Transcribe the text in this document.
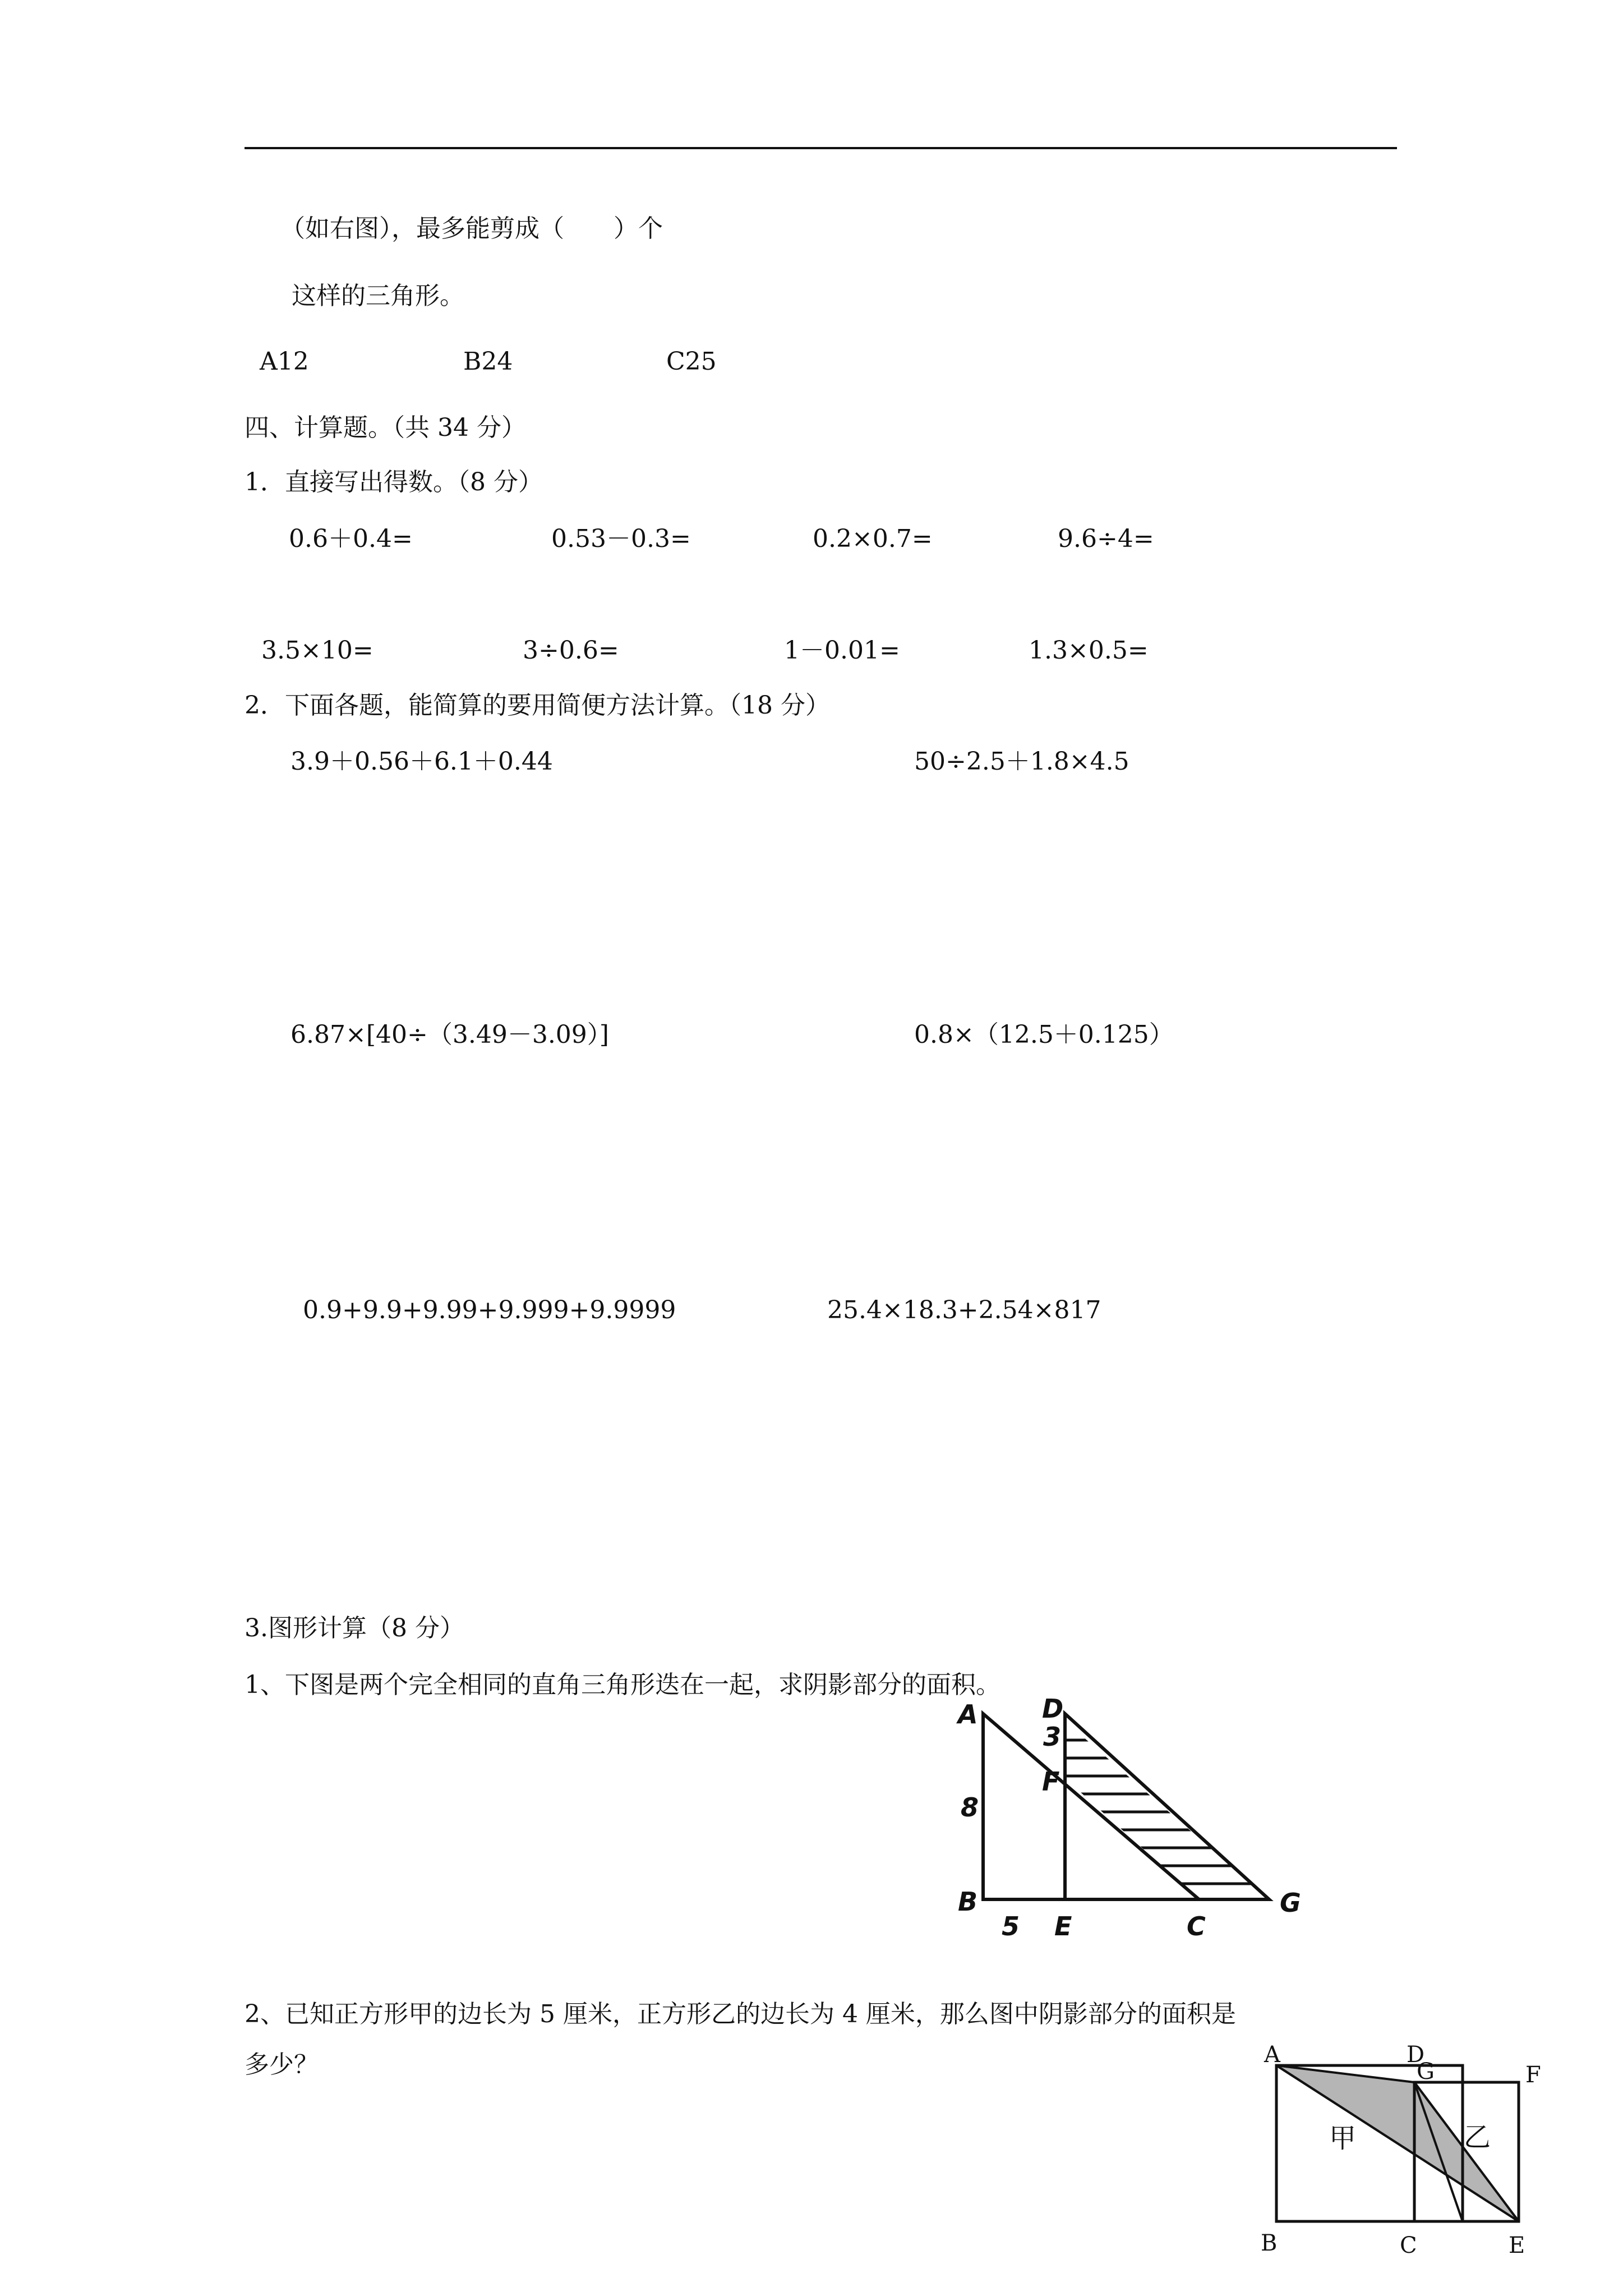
（如右图），最多能剪成（　　）个

这样的三角形。

A12	B24	C25

四、计算题。（共 34 分）

1．直接写出得数。（8 分）

0.6＋0.4=	0.53－0.3=	0.2×0.7=	9.6÷4=

3.5×10=	3÷0.6=	1－0.01=	1.3×0.5=

2．下面各题，能简算的要用简便方法计算。（18 分）

3.9＋0.56＋6.1＋0.44	50÷2.5＋1.8×4.5

6.87×[40÷（3.49－3.09）]	0.8×（12.5＋0.125）

0.9+9.9+9.99+9.999+9.9999	25.4×18.3+2.54×817

3.图形计算（8 分）

1、下图是两个完全相同的直角三角形迭在一起，求阴影部分的面积。

A D
3
F
8
B
5 E	C
G

2、已知正方形甲的边长为 5 厘米，正方形乙的边长为 4 厘米，那么图中阴影部分的面积是

多少？	A	D
G	F
B	C	E
甲	乙
